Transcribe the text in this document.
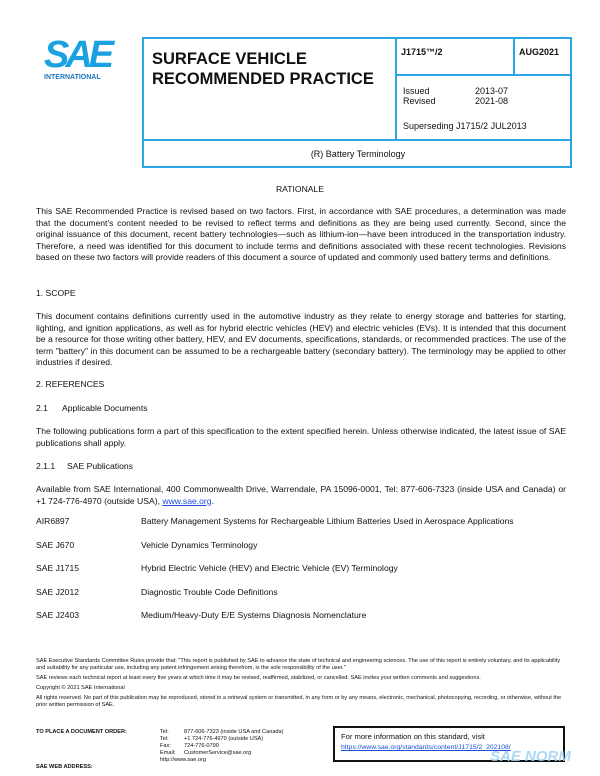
SAE
INTERNATIONAL
SURFACE VEHICLE
RECOMMENDED PRACTICE
J1715™/2	AUG2021
Issued	2013-07
Revised	2021-08
Superseding J1715/2 JUL2013
(R) Battery Terminology
RATIONALE
This SAE Recommended Practice is revised based on two factors. First, in accordance with SAE procedures, a determination was made that the document's content needed to be revised to reflect terms and definitions as they are being used currently. Second, since the original issuance of this document, recent battery technologies—such as lithium-ion—have been introduced in the transportation industry. Therefore, a need was identified for this document to include terms and definitions associated with these recent technologies. Revisions based on these two factors will provide readers of this document a source of updated and commonly used battery terms and definitions.
1. SCOPE
This document contains definitions currently used in the automotive industry as they relate to energy storage and batteries for starting, lighting, and ignition applications, as well as for hybrid electric vehicles (HEV) and electric vehicles (EVs). It is intended that this document be a resource for those writing other battery, HEV, and EV documents, specifications, standards, or recommended practices. The use of the term "battery" in this document can be assumed to be a rechargeable battery (secondary battery). The terminology may be applied to other industries if desired.
2. REFERENCES
2.1 Applicable Documents
The following publications form a part of this specification to the extent specified herein. Unless otherwise indicated, the latest issue of SAE publications shall apply.
2.1.1 SAE Publications
Available from SAE International, 400 Commonwealth Drive, Warrendale, PA 15096-0001, Tel: 877-606-7323 (inside USA and Canada) or +1 724-776-4970 (outside USA), www.sae.org.
AIR6897	Battery Management Systems for Rechargeable Lithium Batteries Used in Aerospace Applications
SAE J670	Vehicle Dynamics Terminology
SAE J1715	Hybrid Electric Vehicle (HEV) and Electric Vehicle (EV) Terminology
SAE J2012	Diagnostic Trouble Code Definitions
SAE J2403	Medium/Heavy-Duty E/E Systems Diagnosis Nomenclature
SAE Executive Standards Committee Rules provide that: "This report is published by SAE to advance the state of technical and engineering sciences. The use of this report is entirely voluntary, and its applicability and suitability for any particular use, including any patent infringement arising therefrom, is the sole responsibility of the user."
SAE reviews each technical report at least every five years at which time it may be revised, reaffirmed, stabilized, or cancelled. SAE invites your written comments and suggestions.
Copyright © 2021 SAE International
All rights reserved. No part of this publication may be reproduced, stored in a retrieval system or transmitted, in any form or by any means, electronic, mechanical, photocopying, recording, or otherwise, without the prior written permission of SAE.
TO PLACE A DOCUMENT ORDER:	Tel:	877-606-7323 (inside USA and Canada)
Tel:	+1 724-776-4970 (outside USA)
Fax: 724-776-0790
Email: CustomerService@sae.org
http://www.sae.org
SAE WEB ADDRESS:
For more information on this standard, visit
https://www.sae.org/standards/content/J1715/2_202108/
SAE NORM
